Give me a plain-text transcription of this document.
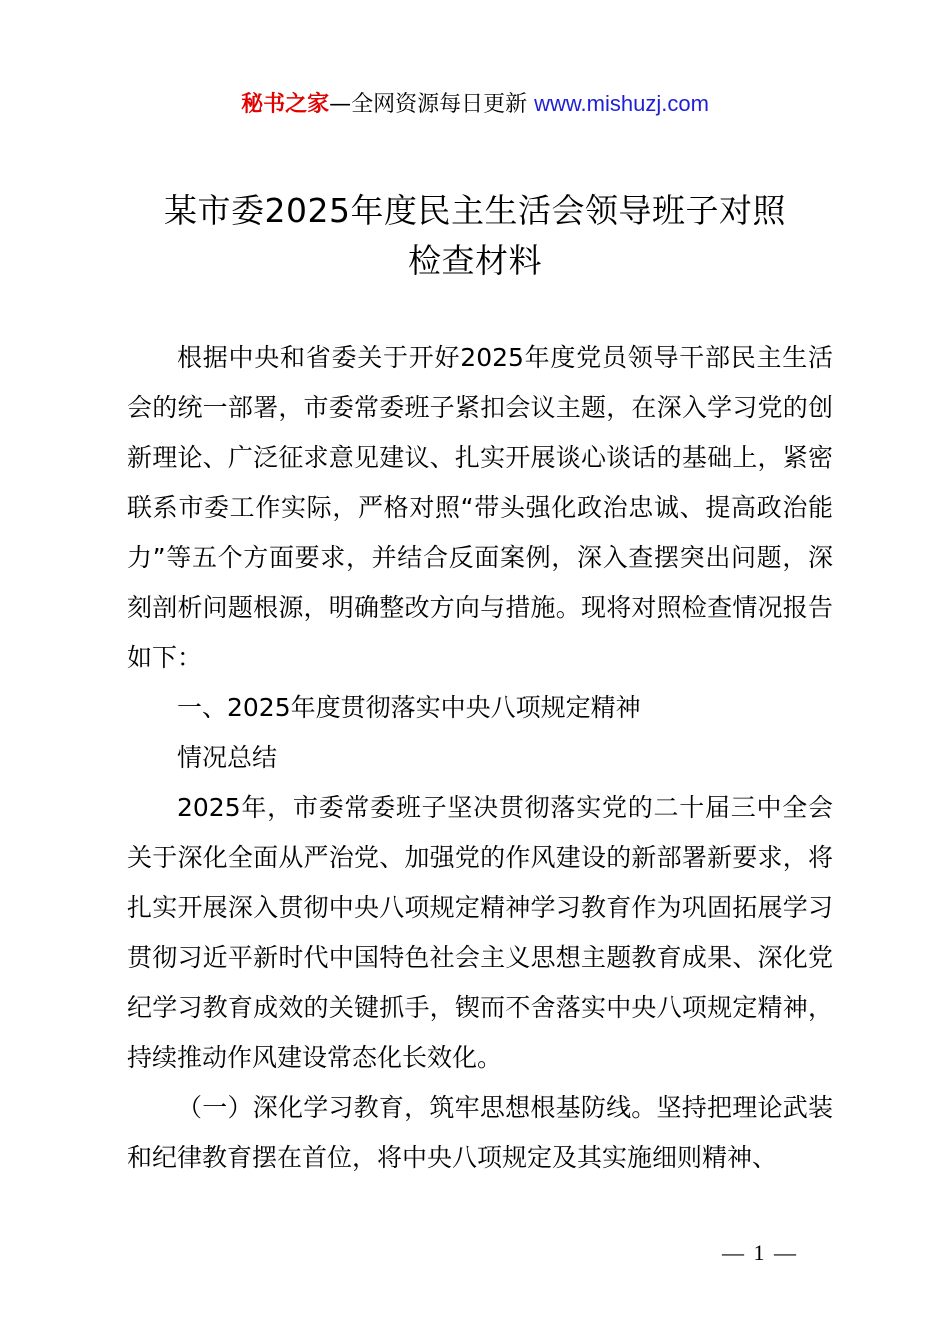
秘书之家—全网资源每日更新 www.mishuzj.com
某市委2025年度民主生活会领导班子对照
检查材料

根据中央和省委关于开好2025年度党员领导干部民主生活会的统一部署，市委常委班子紧扣会议主题，在深入学习党的创新理论、广泛征求意见建议、扎实开展谈心谈话的基础上，紧密联系市委工作实际，严格对照“带头强化政治忠诚、提高政治能力”等五个方面要求，并结合反面案例，深入查摆突出问题，深刻剖析问题根源，明确整改方向与措施。现将对照检查情况报告如下：

一、2025年度贯彻落实中央八项规定精神

情况总结

2025年，市委常委班子坚决贯彻落实党的二十届三中全会关于深化全面从严治党、加强党的作风建设的新部署新要求，将扎实开展深入贯彻中央八项规定精神学习教育作为巩固拓展学习贯彻习近平新时代中国特色社会主义思想主题教育成果、深化党纪学习教育成效的关键抓手，锲而不舍落实中央八项规定精神，持续推动作风建设常态化长效化。

（一）深化学习教育，筑牢思想根基防线。坚持把理论武装和纪律教育摆在首位，将中央八项规定及其实施细则精神、

— 1 —
